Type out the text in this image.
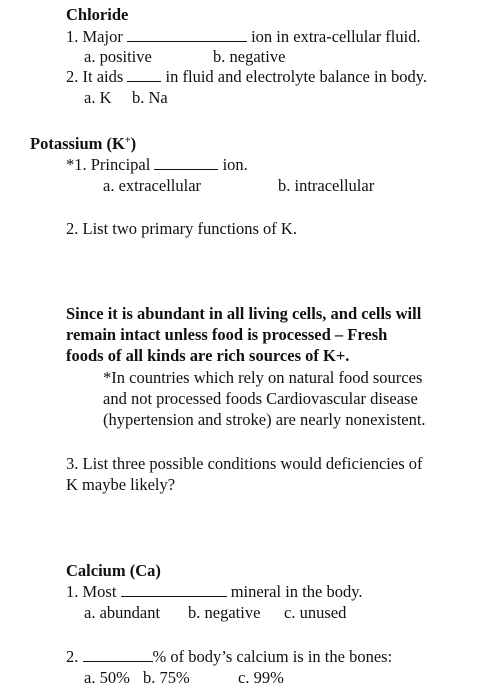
Chloride
1. Major	ion in extra-cellular fluid.
a. positive	b. negative
2. It aids	in fluid and electrolyte balance in body.
a. K b. Na
Potassium (K+)
*1. Principal	ion.
a. extracellular	b. intracellular
2. List two primary functions of K.
Since it is abundant in all living cells, and cells will
remain intact unless food is processed – Fresh
foods of all kinds are rich sources of K+.
*In countries which rely on natural food sources
and not processed foods Cardiovascular disease
(hypertension and stroke) are nearly nonexistent.
3. List three possible conditions would deficiencies of
K maybe likely?
Calcium (Ca)
1. Most	mineral in the body.
a. abundant b. negative c. unused
2.	% of body’s calcium is in the bones:
a. 50% b. 75%	c. 99%
